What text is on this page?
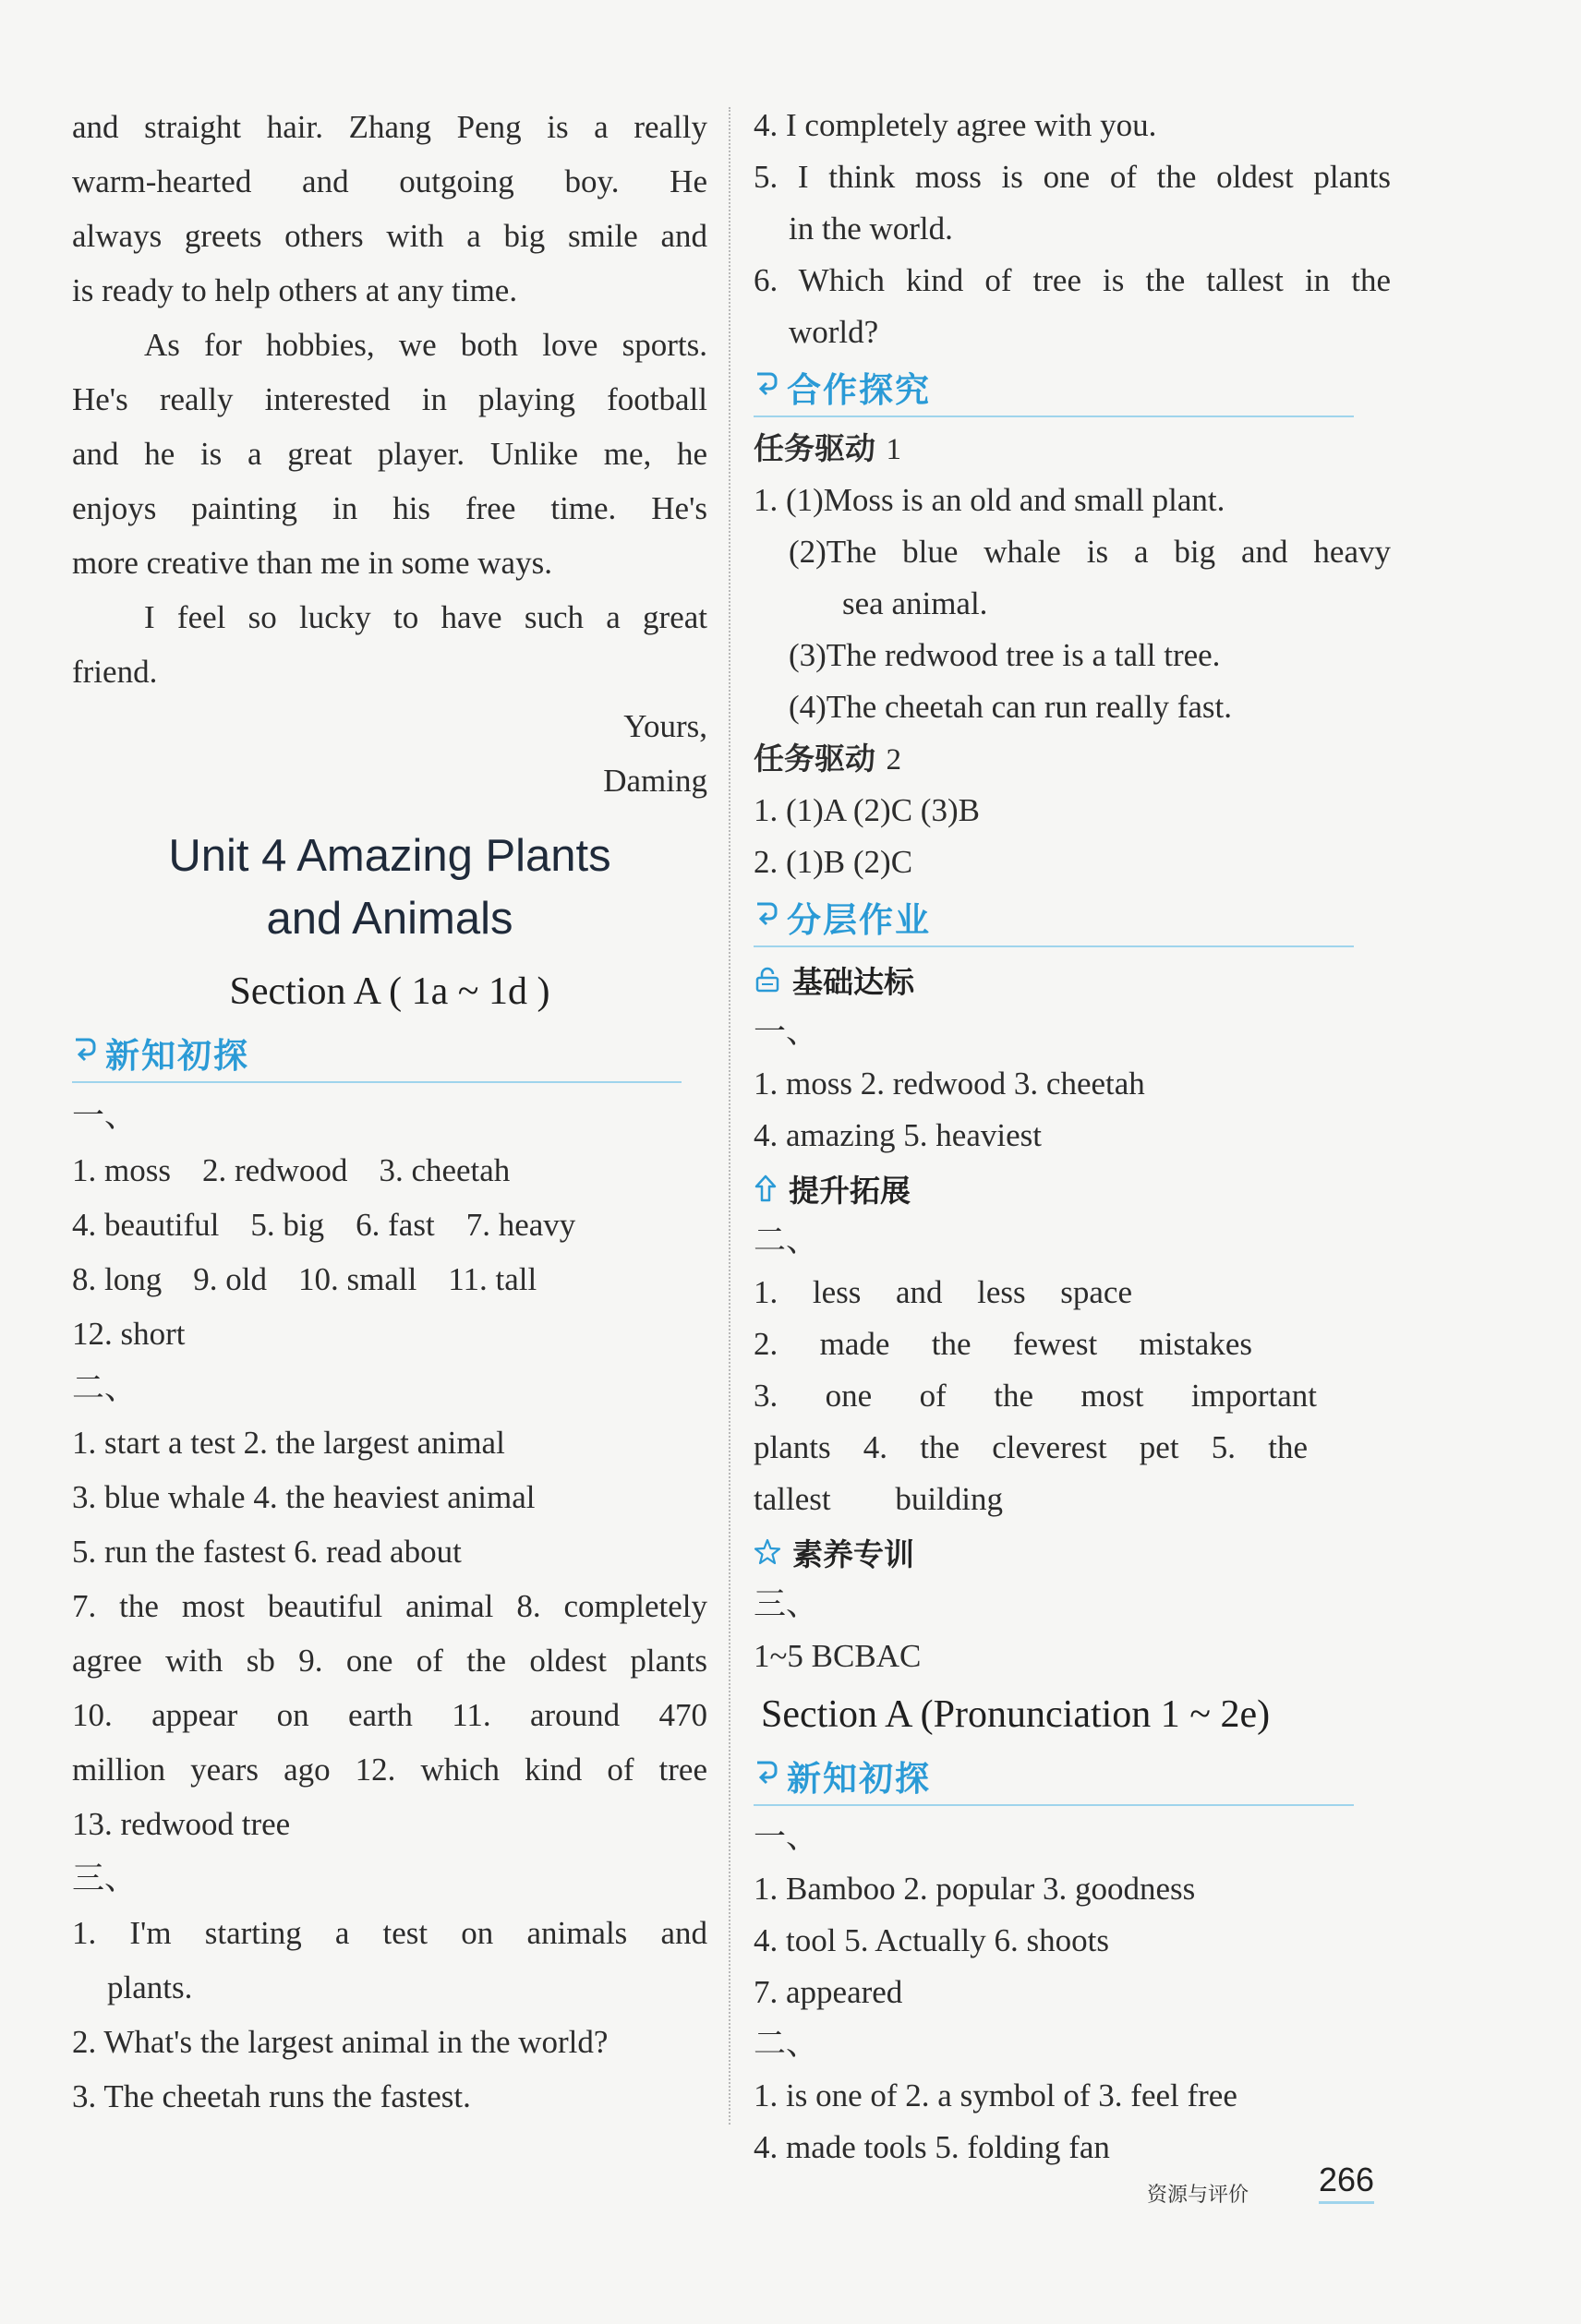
and straight hair. Zhang Peng is a really
warm-hearted and outgoing boy. He
always greets others with a big smile and
is ready to help others at any time.
As for hobbies, we both love sports.
He's really interested in playing football
and he is a great player. Unlike me, he
enjoys painting in his free time. He's
more creative than me in some ways.
I feel so lucky to have such a great
friend.
Yours,
Daming
Unit 4 Amazing Plants
and Animals
Section A ( 1a ~ 1d )
新知初探
一、
1. moss 2. redwood 3. cheetah
4. beautiful 5. big 6. fast 7. heavy
8. long 9. old 10. small 11. tall
12. short
二、
1. start a test 2. the largest animal
3. blue whale 4. the heaviest animal
5. run the fastest 6. read about
7. the most beautiful animal 8. completely
agree with sb 9. one of the oldest plants
10. appear on earth 11. around 470
million years ago 12. which kind of tree
13. redwood tree
三、
1. I'm starting a test on animals and
plants.
2. What's the largest animal in the world?
3. The cheetah runs the fastest.
4. I completely agree with you.
5. I think moss is one of the oldest plants
in the world.
6. Which kind of tree is the tallest in the
world?
合作探究
任务驱动 1
1. (1)Moss is an old and small plant.
(2)The blue whale is a big and heavy
sea animal.
(3)The redwood tree is a tall tree.
(4)The cheetah can run really fast.
任务驱动 2
1. (1)A (2)C (3)B
2. (1)B (2)C
分层作业
基础达标
一、
1. moss 2. redwood 3. cheetah
4. amazing 5. heaviest
提升拓展
二、
1. less and less space
2. made the fewest mistakes
3. one of the most important
plants 4. the cleverest pet 5. the
tallest building
素养专训
三、
1~5 BCBAC
Section A (Pronunciation 1 ~ 2e)
新知初探
一、
1. Bamboo 2. popular 3. goodness
4. tool 5. Actually 6. shoots
7. appeared
二、
1. is one of 2. a symbol of 3. feel free
4. made tools 5. folding fan
资源与评价 266
